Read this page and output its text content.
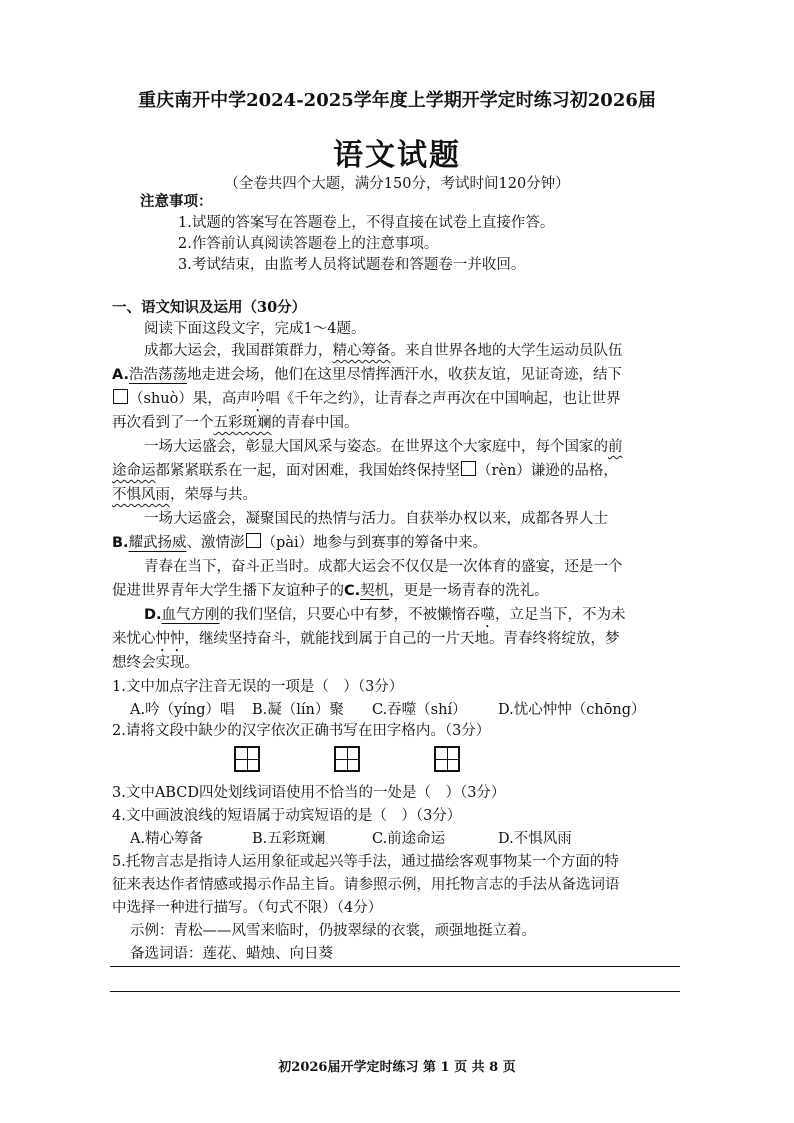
重庆南开中学2024-2025学年度上学期开学定时练习初2026届
语文试题
（全卷共四个大题，满分150分，考试时间120分钟）
注意事项：
1.试题的答案写在答题卷上，不得直接在试卷上直接作答。
2.作答前认真阅读答题卷上的注意事项。
3.考试结束，由监考人员将试题卷和答题卷一并收回。
一、语文知识及运用（30分）
阅读下面这段文字，完成1～4题。
成都大运会，我国群策群力，精心筹备。来自世界各地的大学生运动员队伍
A.浩浩荡荡地走进会场，他们在这里尽情挥洒汗水，收获友谊，见证奇迹，结下
（shuò）果，高声吟唱《千年之约》，让青春之声再次在中国响起，也让世界
再次看到了一个五彩斑斓的青春中国。
一场大运盛会，彰显大国风采与姿态。在世界这个大家庭中，每个国家的前
途命运都紧紧联系在一起，面对困难，我国始终保持坚 （rèn）谦逊的品格，
不惧风雨，荣辱与共。
一场大运盛会，凝聚国民的热情与活力。自获举办权以来，成都各界人士
B.耀武扬威、激情澎 （pài）地参与到赛事的筹备中来。
青春在当下，奋斗正当时。成都大运会不仅仅是一次体育的盛宴，还是一个
促进世界青年大学生播下友谊种子的C.契机，更是一场青春的洗礼。
D.血气方刚的我们坚信，只要心中有梦，不被懒惰吞噬，立足当下，不为未
来忧心忡忡，继续坚持奋斗，就能找到属于自己的一片天地。青春终将绽放，梦
想终会实现。
1.文中加点字注音无误的一项是（　）（3分）
A.吟（yíng）唱 B.凝（lín）聚 C.吞噬（shí） D.忧心忡忡（chōng）
2.请将文段中缺少的汉字依次正确书写在田字格内。（3分）
3.文中ABCD四处划线词语使用不恰当的一处是（　）（3分）
4.文中画波浪线的短语属于动宾短语的是（　）（3分）
A.精心筹备	B.五彩斑斓	C.前途命运	D.不惧风雨
5.托物言志是指诗人运用象征或起兴等手法，通过描绘客观事物某一个方面的特
征来表达作者情感或揭示作品主旨。请参照示例，用托物言志的手法从备选词语
中选择一种进行描写。（句式不限）（4分）
示例：青松——风雪来临时，仍披翠绿的衣裳，顽强地挺立着。
备选词语：莲花、蜡烛、向日葵
初2026届开学定时练习 第 1 页 共 8 页
